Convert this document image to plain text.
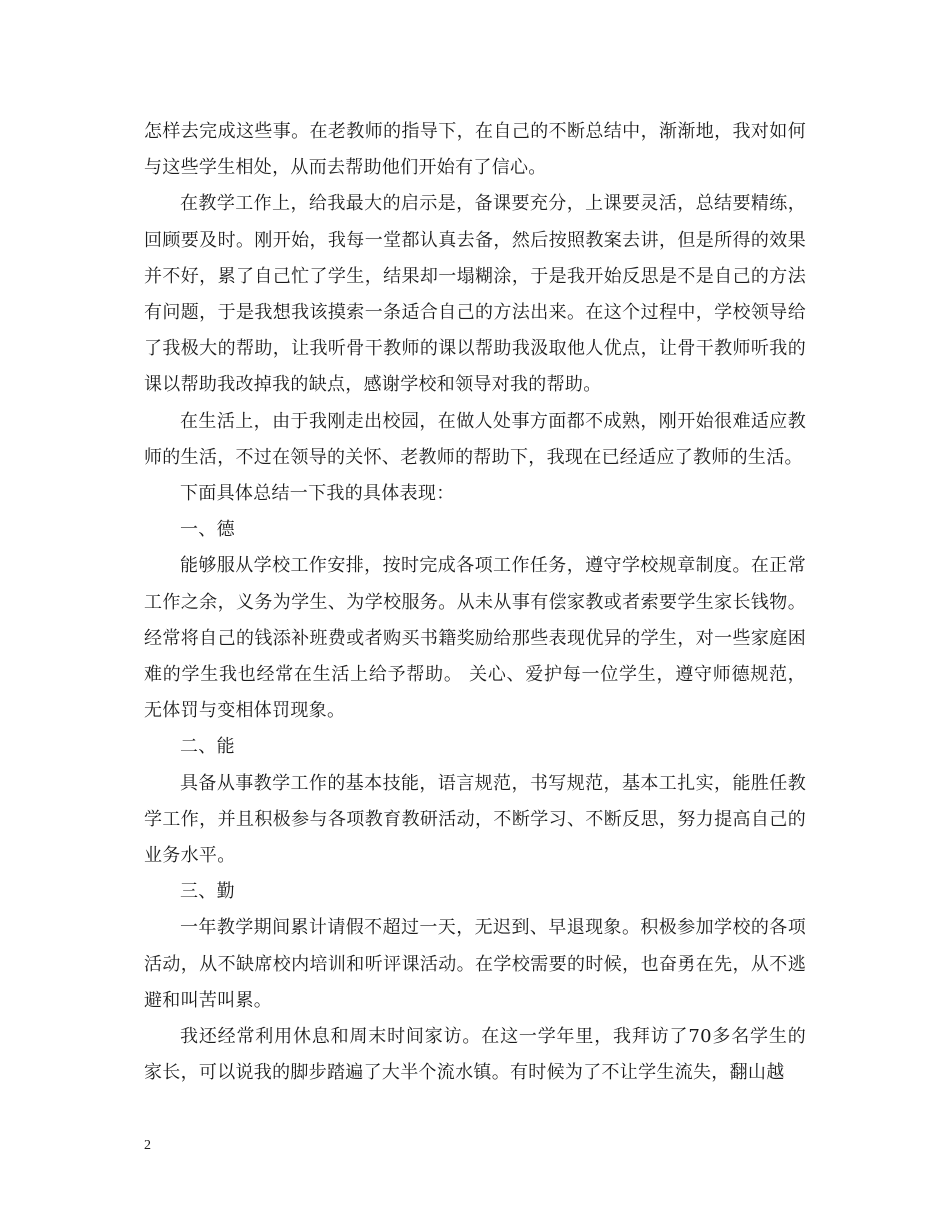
怎样去完成这些事。在老教师的指导下，在自己的不断总结中，渐渐地，我对如何与这些学生相处，从而去帮助他们开始有了信心。

在教学工作上，给我最大的启示是，备课要充分，上课要灵活，总结要精练，回顾要及时。刚开始，我每一堂都认真去备，然后按照教案去讲，但是所得的效果并不好，累了自己忙了学生，结果却一塌糊涂，于是我开始反思是不是自己的方法有问题，于是我想我该摸索一条适合自己的方法出来。在这个过程中，学校领导给了我极大的帮助，让我听骨干教师的课以帮助我汲取他人优点，让骨干教师听我的课以帮助我改掉我的缺点，感谢学校和领导对我的帮助。

在生活上，由于我刚走出校园，在做人处事方面都不成熟，刚开始很难适应教师的生活，不过在领导的关怀、老教师的帮助下，我现在已经适应了教师的生活。

下面具体总结一下我的具体表现：

一、德

能够服从学校工作安排，按时完成各项工作任务，遵守学校规章制度。在正常工作之余，义务为学生、为学校服务。从未从事有偿家教或者索要学生家长钱物。经常将自己的钱添补班费或者购买书籍奖励给那些表现优异的学生，对一些家庭困难的学生我也经常在生活上给予帮助。 关心、爱护每一位学生，遵守师德规范，无体罚与变相体罚现象。

二、能

具备从事教学工作的基本技能，语言规范，书写规范，基本工扎实，能胜任教学工作，并且积极参与各项教育教研活动，不断学习、不断反思，努力提高自己的业务水平。

三、勤

一年教学期间累计请假不超过一天，无迟到、早退现象。积极参加学校的各项活动，从不缺席校内培训和听评课活动。在学校需要的时候，也奋勇在先，从不逃避和叫苦叫累。

我还经常利用休息和周末时间家访。在这一学年里，我拜访了70多名学生的家长，可以说我的脚步踏遍了大半个流水镇。有时候为了不让学生流失，翻山越

2
